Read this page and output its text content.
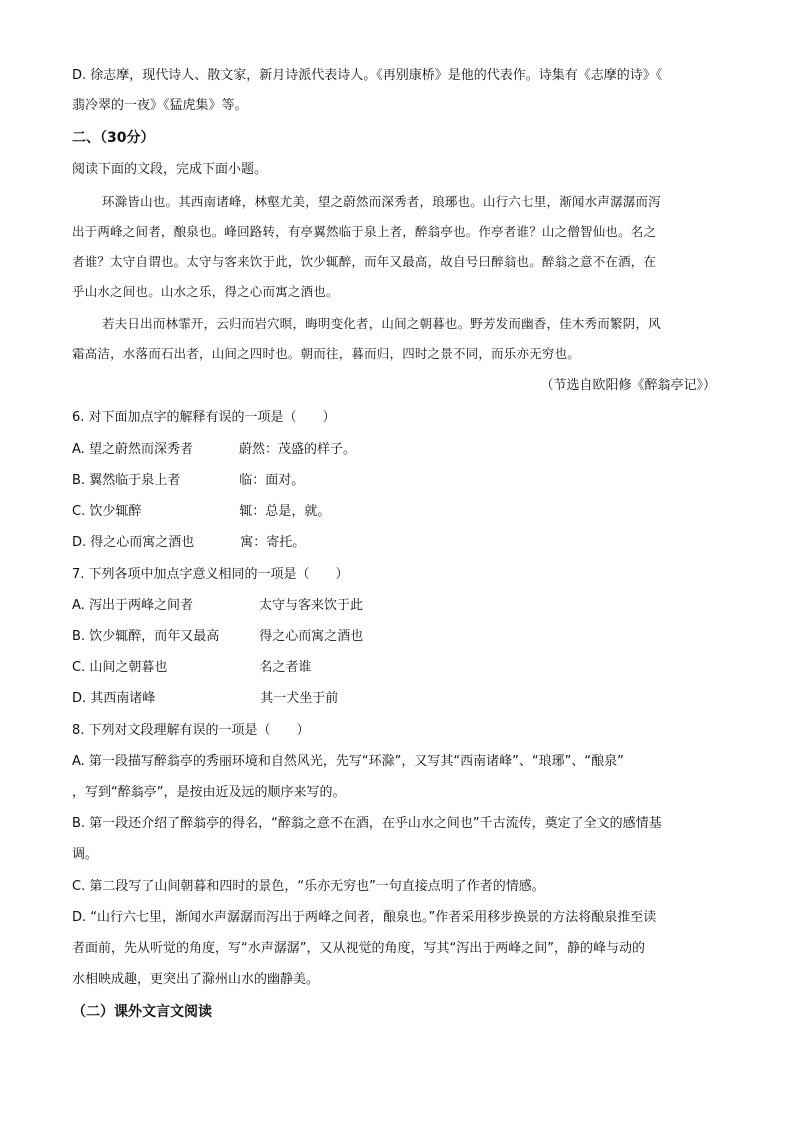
D. 徐志摩，现代诗人、散文家，新月诗派代表诗人。《再别康桥》是他的代表作。诗集有《志摩的诗》《
翡冷翠的一夜》《猛虎集》等。
二、（30分）
阅读下面的文段，完成下面小题。
环滁皆山也。其西南诸峰，林壑尤美，望之蔚然而深秀者，琅琊也。山行六七里，渐闻水声潺潺而泻
出于两峰之间者，酿泉也。峰回路转，有亭翼然临于泉上者，醉翁亭也。作亭者谁？山之僧智仙也。名之
者谁？太守自谓也。太守与客来饮于此，饮少辄醉，而年又最高，故自号曰醉翁也。醉翁之意不在酒，在
乎山水之间也。山水之乐，得之心而寓之酒也。
若夫日出而林霏开，云归而岩穴暝，晦明变化者，山间之朝暮也。野芳发而幽香，佳木秀而繁阴，风
霜高洁，水落而石出者，山间之四时也。朝而往，暮而归，四时之景不同，而乐亦无穷也。
（节选自欧阳修《醉翁亭记》）
6. 对下面加点字的解释有误的一项是（　　）
A. 望之蔚然而深秀者	蔚然：茂盛的样子。
B. 翼然临于泉上者	临：面对。
C. 饮少辄醉	辄：总是，就。
D. 得之心而寓之酒也	寓：寄托。
7. 下列各项中加点字意义相同的一项是（　　）
A. 泻出于两峰之间者	太守与客来饮于此
B. 饮少辄醉，而年又最高	得之心而寓之酒也
C. 山间之朝暮也	名之者谁
D. 其西南诸峰	其一犬坐于前
8. 下列对文段理解有误的一项是（　　）
A. 第一段描写醉翁亭的秀丽环境和自然风光，先写“环滁”，又写其“西南诸峰”、“琅琊”、“酿泉”
，写到“醉翁亭”，是按由近及远的顺序来写的。
B. 第一段还介绍了醉翁亭的得名，“醉翁之意不在酒，在乎山水之间也”千古流传，奠定了全文的感情基
调。
C. 第二段写了山间朝暮和四时的景色，“乐亦无穷也”一句直接点明了作者的情感。
D. “山行六七里，渐闻水声潺潺而泻出于两峰之间者，酿泉也。”作者采用移步换景的方法将酿泉推至读
者面前，先从听觉的角度，写“水声潺潺”，又从视觉的角度，写其“泻出于两峰之间”，静的峰与动的
水相映成趣，更突出了滁州山水的幽静美。
（二）课外文言文阅读
